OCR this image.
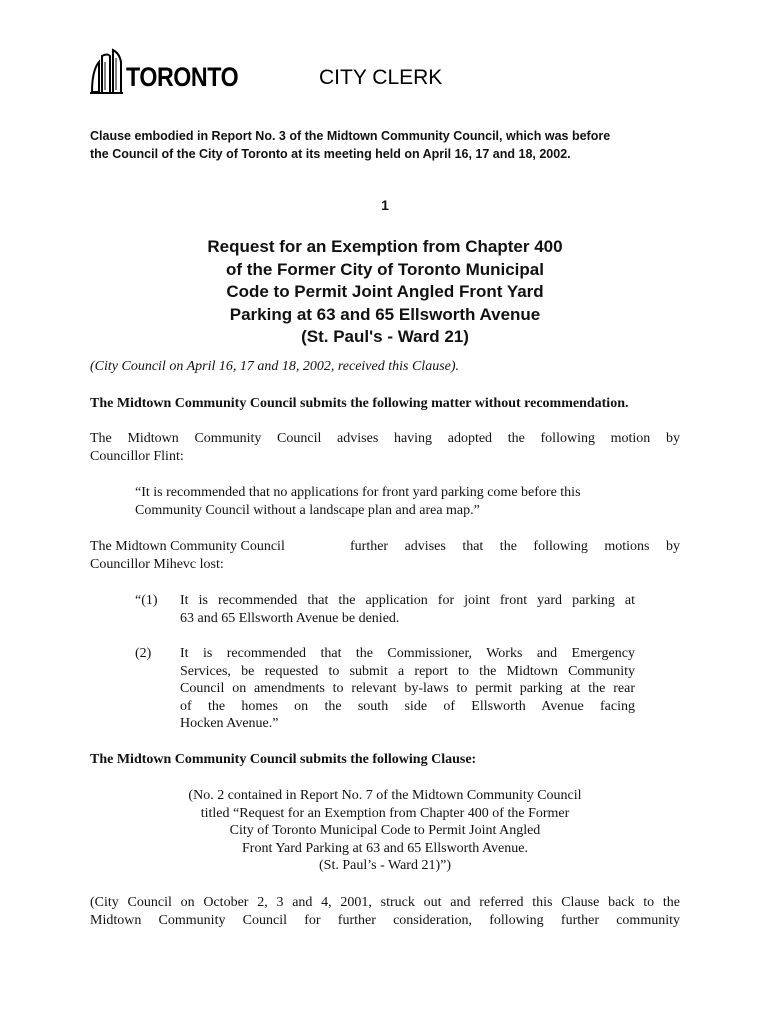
TORONTO	CITY CLERK
Clause embodied in Report No. 3 of the Midtown Community Council, which was before
the Council of the City of Toronto at its meeting held on April 16, 17 and 18, 2002.
1
Request for an Exemption from Chapter 400
of the Former City of Toronto Municipal
Code to Permit Joint Angled Front Yard
Parking at 63 and 65 Ellsworth Avenue
(St. Paul's - Ward 21)
(City Council on April 16, 17 and 18, 2002, received this Clause).
The Midtown Community Council submits the following matter without recommendation.
The Midtown Community Council advises having adopted the following motion by
Councillor Flint:
“It is recommended that no applications for front yard parking come before this
Community Council without a landscape plan and area map.”
The Midtown Community Council	further advises that the following motions by
Councillor Mihevc lost:
“(1) It is recommended that the application for joint front yard parking at
63 and 65 Ellsworth Avenue be denied.
(2) It is recommended that the Commissioner, Works and Emergency
Services, be requested to submit a report to the Midtown Community
Council on amendments to relevant by-laws to permit parking at the rear
of the homes on the south side of Ellsworth Avenue facing
Hocken Avenue.”
The Midtown Community Council submits the following Clause:
(No. 2 contained in Report No. 7 of the Midtown Community Council
titled “Request for an Exemption from Chapter 400 of the Former
City of Toronto Municipal Code to Permit Joint Angled
Front Yard Parking at 63 and 65 Ellsworth Avenue.
(St. Paul’s - Ward 21)”)
(City Council on October 2, 3 and 4, 2001, struck out and referred this Clause back to the
Midtown Community Council for further consideration, following further community
